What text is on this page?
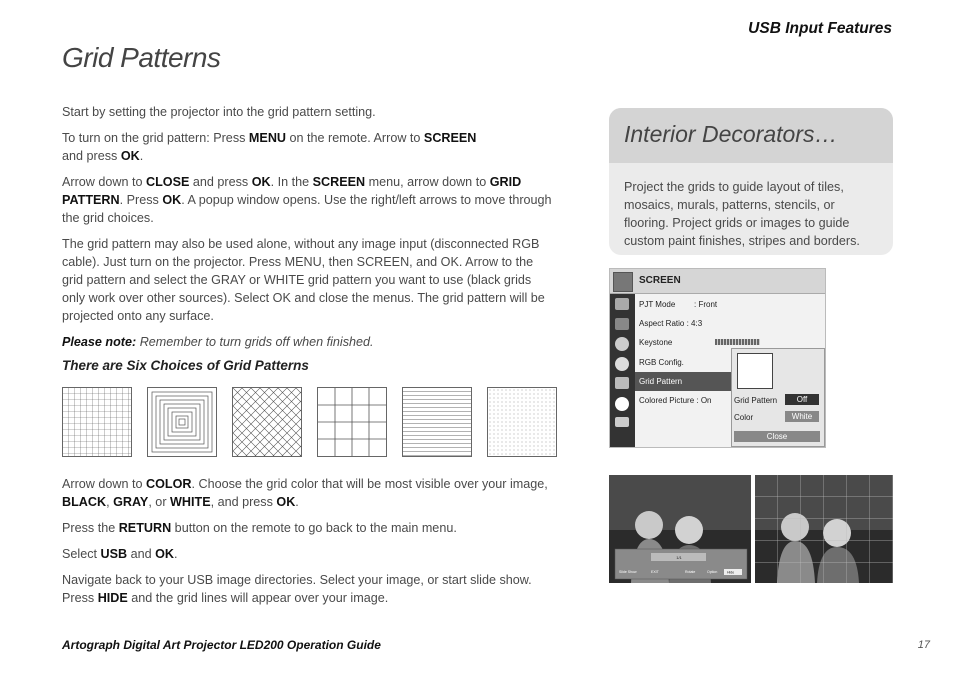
USB Input Features
Grid Patterns

Start by setting the projector into the grid pattern setting.

To turn on the grid pattern: Press MENU on the remote. Arrow to SCREEN
and press OK.

Arrow down to CLOSE and press OK. In the SCREEN menu, arrow down to GRID PATTERN. Press OK. A popup window opens. Use the right/left arrows to move through the grid choices.

The grid pattern may also be used alone, without any image input (disconnected RGB cable). Just turn on the projector. Press MENU, then SCREEN, and OK. Arrow to the grid pattern and select the GRAY or WHITE grid pattern you want to use (black grids only work over other sources). Select OK and close the menus. The grid pattern will be projected onto any surface.

Please note: Remember to turn grids off when finished.

There are Six Choices of Grid Patterns

Arrow down to COLOR. Choose the grid color that will be most visible over your image, BLACK, GRAY, or WHITE, and press OK.

Press the RETURN button on the remote to go back to the main menu.

Select USB and OK.

Navigate back to your USB image directories. Select your image, or start slide show. Press HIDE and the grid lines will appear over your image.

Interior Decorators…
Project the grids to guide layout of tiles, mosaics, murals, patterns, stencils, or flooring. Project grids or images to guide custom paint finishes, stripes and borders.
SCREEN
PJT Mode : Front
Aspect Ratio : 4:3
Keystone
RGB Config.
Grid Pattern
Colored Picture : On	Grid Pattern	Off
Color	White
Close
1/1
Slide Show	EXIT	Rotate	Option	Hide
Artograph Digital Art Projector LED200 Operation Guide	17
